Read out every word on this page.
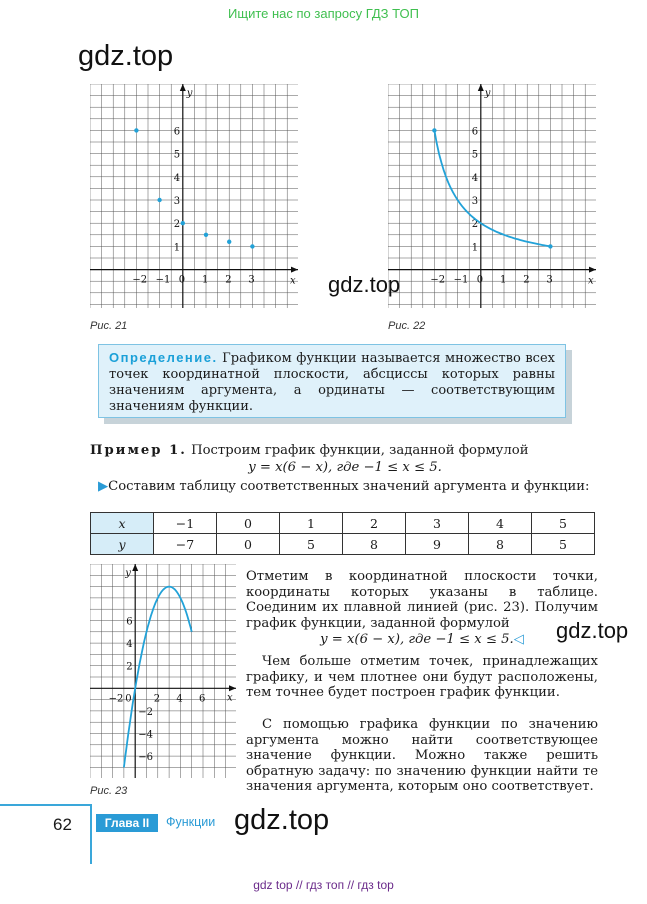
Ищите нас по запросу ГДЗ ТОП
gdz.top
y
x
−2 −1 0 1 2 3
1
2
3
4
5
6
Рис. 21
y
x
−2 −1 0 1 2 3
1
2
3
4
5
6
Рис. 22
gdz.top
Определение. Графиком функции называется множество всех точек координатной плоскости, абсциссы которых равны значениям аргумента, а ординаты — соответствующим значениям функции.
Пример 1. Построим график функции, заданной формулой
y = x(6 − x), где −1 ≤ x ≤ 5.
▶Составим таблицу соответственных значений аргумента и функции:
x	−1	0	1	2	3	4	5
y	−7	0	5	8	9	8	5
y
x
−2	2 4 6
0
6
4
2
−2
−4
−6
Рис. 23
Отметим в координатной плоскости точки, координаты которых указаны в таблице. Соединим их плавной линией (рис. 23). Получим график функции, заданной формулой
y = x(6 − x), где −1 ≤ x ≤ 5.◁
Чем больше отметим точек, принадлежащих графику, и чем плотнее они будут расположены, тем точнее будет построен график функции.
С помощью графика функции по значению аргумента можно найти соответствующее значение функции. Можно также решить обратную задачу: по значению функции найти те значения аргумента, которым оно соответствует.
gdz.top
62	Глава II	Функции gdz.top
gdz top // гдз топ // гдз top
